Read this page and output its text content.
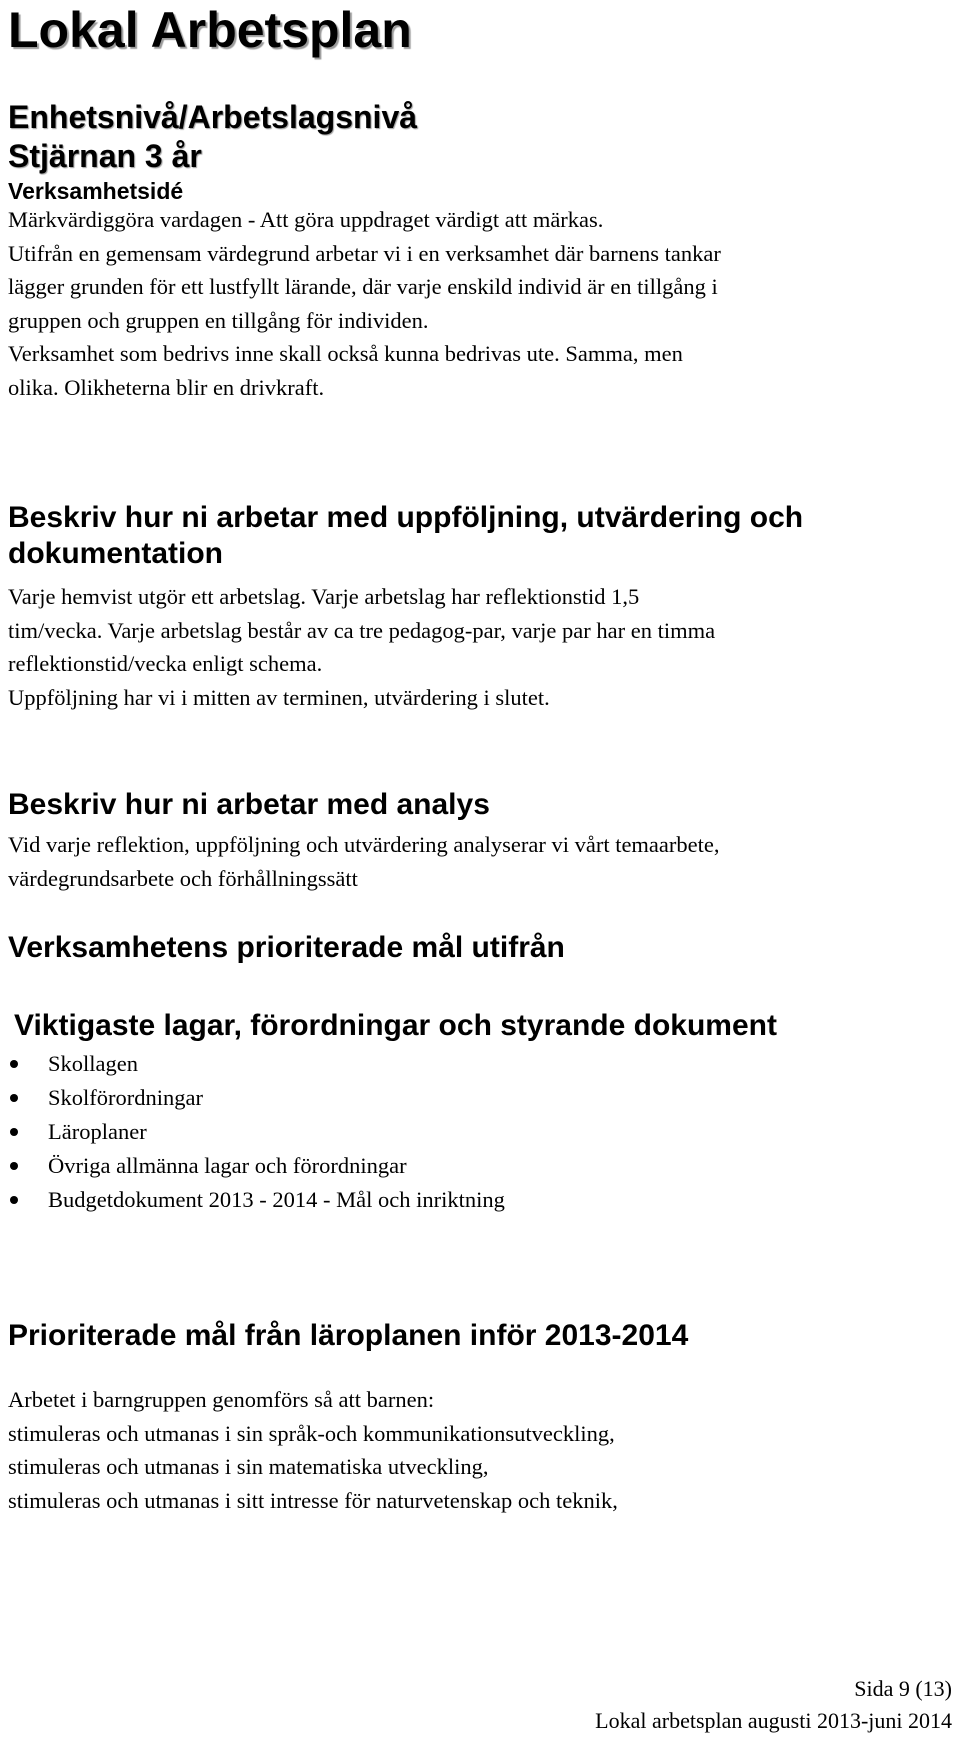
Lokal Arbetsplan
Enhetsnivå/Arbetslagsnivå
Stjärnan 3 år
Verksamhetsidé
Märkvärdiggöra vardagen - Att göra uppdraget värdigt att märkas.
Utifrån en gemensam värdegrund arbetar vi i en verksamhet där barnens tankar
lägger grunden för ett lustfyllt lärande, där varje enskild individ är en tillgång i
gruppen och gruppen en tillgång för individen.
Verksamhet som bedrivs inne skall också kunna bedrivas ute. Samma, men
olika. Olikheterna blir en drivkraft.
Beskriv hur ni arbetar med uppföljning, utvärdering och
dokumentation
Varje hemvist utgör ett arbetslag. Varje arbetslag har reflektionstid 1,5
tim/vecka. Varje arbetslag består av ca tre pedagog-par, varje par har en timma
reflektionstid/vecka enligt schema.
Uppföljning har vi i mitten av terminen, utvärdering i slutet.
Beskriv hur ni arbetar med analys
Vid varje reflektion, uppföljning och utvärdering analyserar vi vårt temaarbete,
värdegrundsarbete och förhållningssätt
Verksamhetens prioriterade mål utifrån
Viktigaste lagar, förordningar och styrande dokument
Skollagen
Skolförordningar
Läroplaner
Övriga allmänna lagar och förordningar
Budgetdokument 2013 - 2014 - Mål och inriktning
Prioriterade mål från läroplanen inför 2013-2014
Arbetet i barngruppen genomförs så att barnen:
stimuleras och utmanas i sin språk-och kommunikationsutveckling,
stimuleras och utmanas i sin matematiska utveckling,
stimuleras och utmanas i sitt intresse för naturvetenskap och teknik,
Sida 9 (13)
Lokal arbetsplan augusti 2013-juni 2014
